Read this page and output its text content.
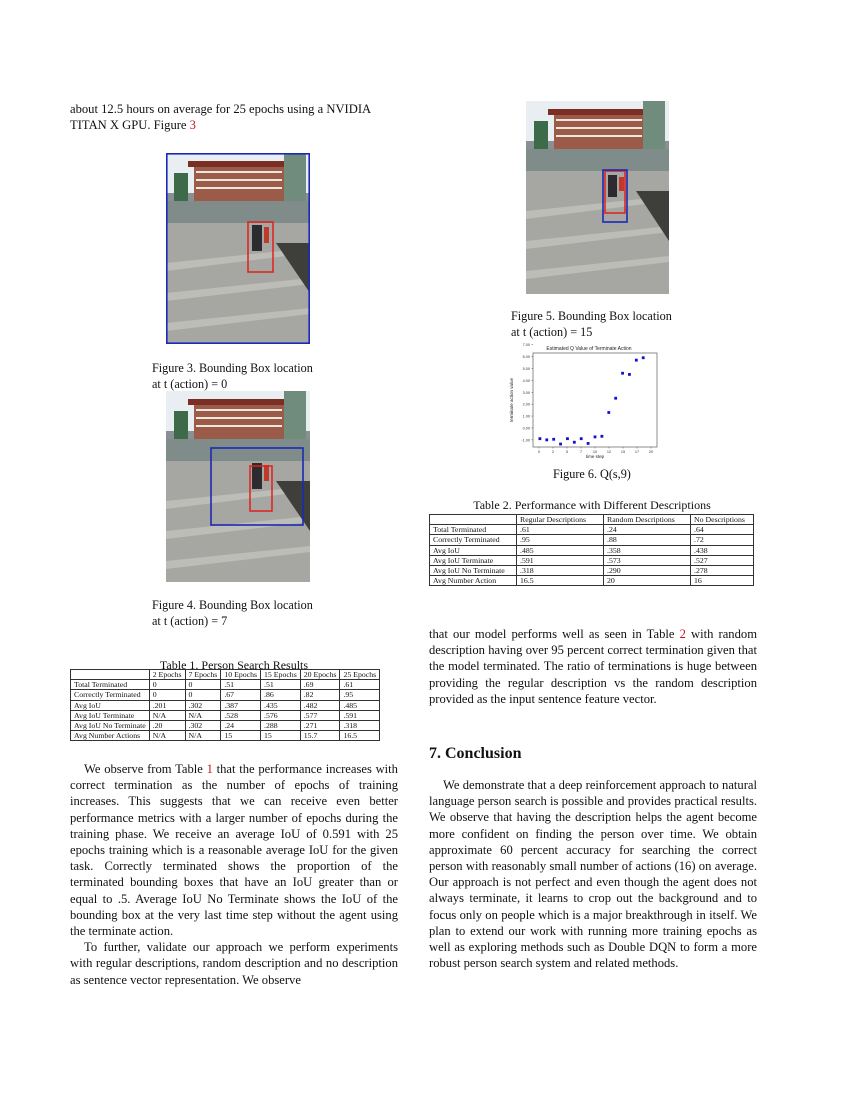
about 12.5 hours on average for 25 epochs using a NVIDIA
TITAN X GPU. Figure 3
Figure 3. Bounding Box location
at t (action) = 0
Figure 4. Bounding Box location
at t (action) = 7
Table 1. Person Search Results
	2 Epochs	7 Epochs	10 Epochs	15 Epochs	20 Epochs	25 Epochs
Total Terminated	0	0	.51	.51	.69	.61
Correctly Terminated	0	0	.67	.86	.82	.95
Avg IoU	.201	.302	.387	.435	.482	.485
Avg IoU Terminate	N/A	N/A	.528	.576	.577	.591
Avg IoU No Terminate	.20	.302	.24	.288	.271	.318
Avg Number Actions	N/A	N/A	15	15	15.7	16.5

We observe from Table 1 that the performance increases with correct termination as the number of epochs of training increases. This suggests that we can receive even better performance metrics with a larger number of epochs during the training phase. We receive an average IoU of 0.591 with 25 epochs training which is a reasonable average IoU for the given task. Correctly terminated shows the proportion of the terminated bounding boxes that have an IoU greater than or equal to .5. Average IoU No Terminate shows the IoU of the bounding box at the very last time step without the agent using the terminate action.

To further, validate our approach we perform experiments with regular descriptions, random description and no description as sentence vector representation. We observe

Figure 5. Bounding Box location
at t (action) = 15
Estimated Q Value of Terminate Action
-1.00
0.00
1.00
2.00
3.00
4.00
5.00
6.00
7.00
0	2	5	7	10	12	15	17	20
time step
terminate action value
Figure 6. Q(s,9)
Table 2. Performance with Different Descriptions
	Regular Descriptions	Random Descriptions	No Descriptions
Total Terminated	.61	.24	.64
Correctly Terminated	.95	.88	.72
Avg IoU	.485	.358	.438
Avg IoU Terminate	.591	.573	.527
Avg IoU No Terminate	.318	.290	.278
Avg Number Action	16.5	20	16

that our model performs well as seen in Table 2 with random description having over 95 percent correct termination given that the model terminated. The ratio of terminations is huge between providing the regular description vs the random description provided as the input sentence feature vector.

7. Conclusion
We demonstrate that a deep reinforcement approach to natural language person search is possible and provides practical results. We observe that having the description helps the agent become more confident on finding the person over time. We obtain approximate 60 percent accuracy for searching the correct person with reasonably small number of actions (16) on average. Our approach is not perfect and even though the agent does not always terminate, it learns to crop out the background and to focus only on people which is a major breakthrough in itself. We plan to extend our work with running more training epochs as well as exploring methods such as Double DQN to form a more robust person search system and related methods.
